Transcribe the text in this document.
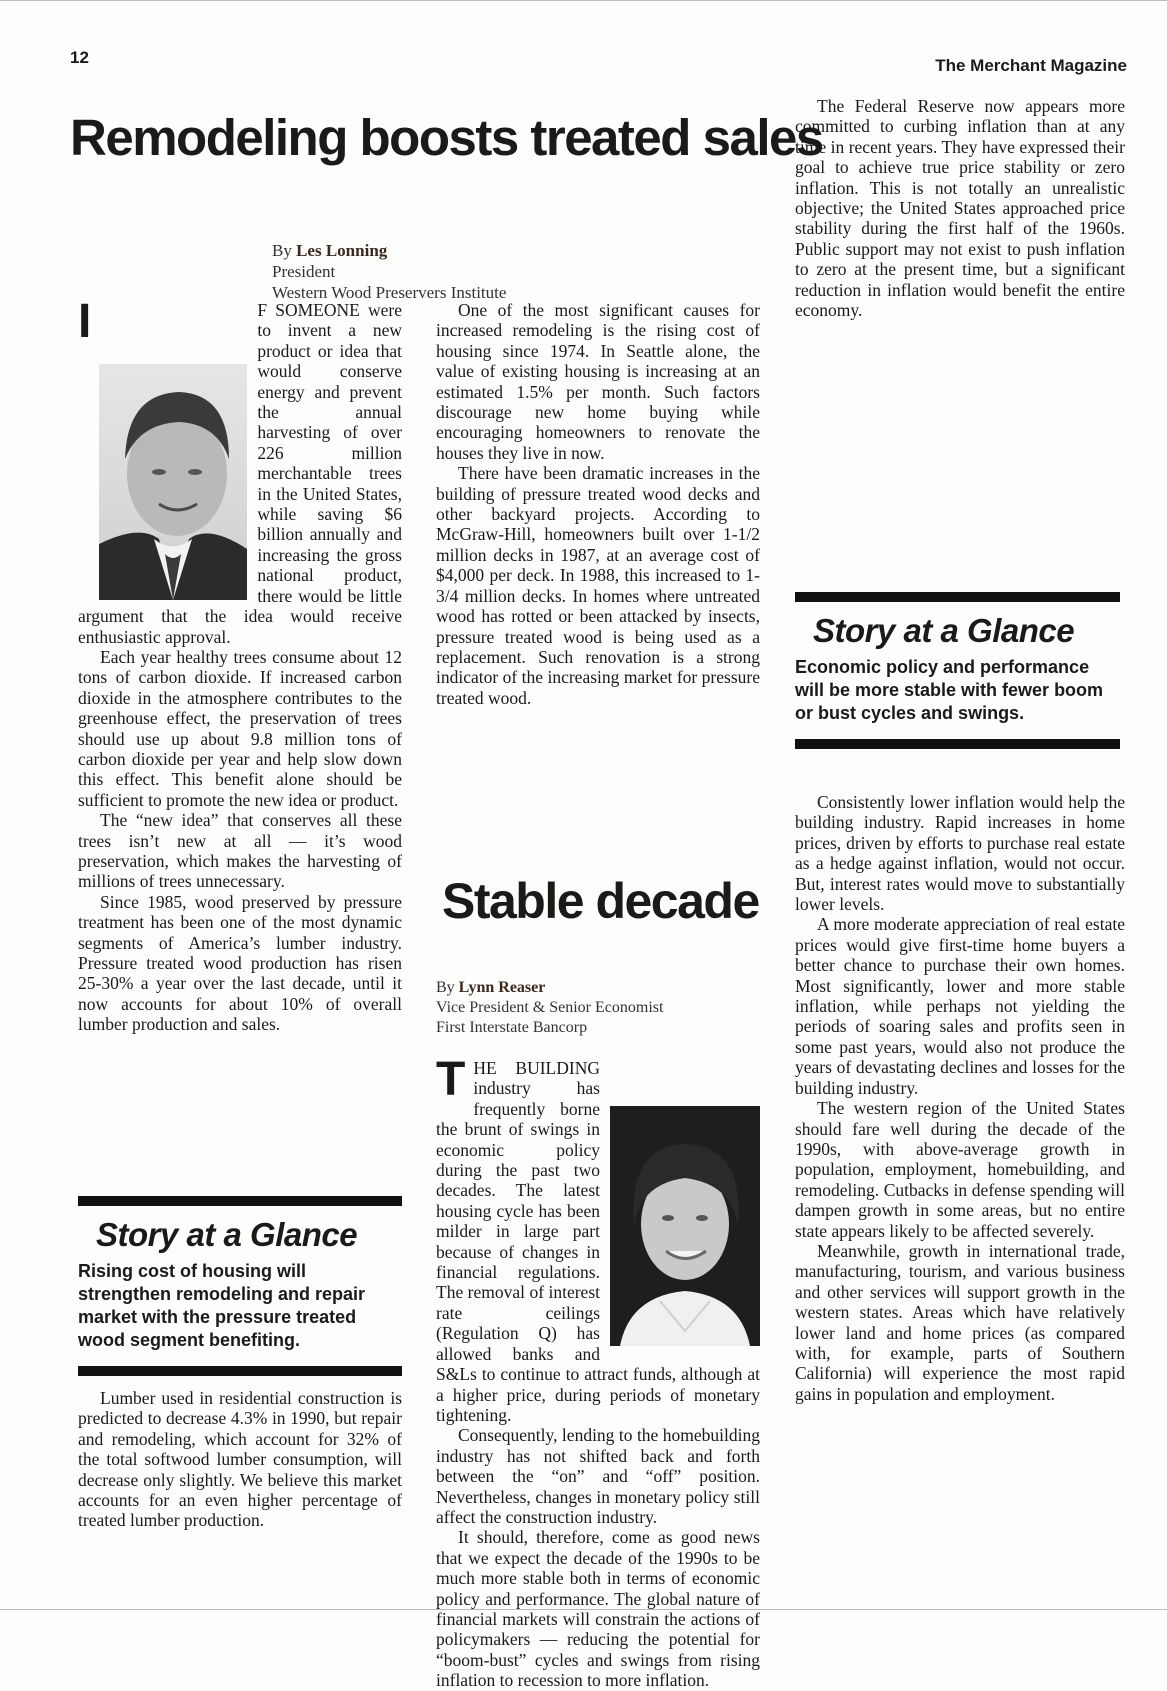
12	The Merchant Magazine
Remodeling boosts treated sales
By Les Lonning
President
Western Wood Preservers Institute

I	F SOMEONE were to invent a new product or idea that would conserve energy and prevent the annual harvesting of over 226 million merchantable trees in the United States, while saving $6 billion annually and increasing the gross national product, there would be little argument that the idea would receive enthusiastic approval.

Each year healthy trees consume about 12 tons of carbon dioxide. If increased carbon dioxide in the atmosphere contributes to the greenhouse effect, the preservation of trees should use up about 9.8 million tons of carbon dioxide per year and help slow down this effect. This benefit alone should be sufficient to promote the new idea or product.

The “new idea” that conserves all these trees isn’t new at all — it’s wood preservation, which makes the harvesting of millions of trees unnecessary.

Since 1985, wood preserved by pressure treatment has been one of the most dynamic segments of America’s lumber industry. Pressure treated wood production has risen 25-30% a year over the last decade, until it now accounts for about 10% of overall lumber production and sales.

Story at a Glance
Rising cost of housing will strengthen remodeling and repair market with the pressure treated wood segment benefiting.

Lumber used in residential construction is predicted to decrease 4.3% in 1990, but repair and remodeling, which account for 32% of the total softwood lumber consumption, will decrease only slightly. We believe this market accounts for an even higher percentage of treated lumber production.

One of the most significant causes for increased remodeling is the rising cost of housing since 1974. In Seattle alone, the value of existing housing is increasing at an estimated 1.5% per month. Such factors discourage new home buying while encouraging homeowners to renovate the houses they live in now.

There have been dramatic increases in the building of pressure treated wood decks and other backyard projects. According to McGraw-Hill, homeowners built over 1-1/2 million decks in 1987, at an average cost of $4,000 per deck. In 1988, this increased to 1-3/4 million decks. In homes where untreated wood has rotted or been attacked by insects, pressure treated wood is being used as a replacement. Such renovation is a strong indicator of the increasing market for pressure treated wood.

Stable decade
By Lynn Reaser
Vice President & Senior Economist
First Interstate Bancorp

T HE BUILDING industry has frequently borne the brunt of swings in economic policy during the past two decades. The latest housing cycle has been milder in large part because of changes in financial regulations. The removal of interest rate ceilings (Regulation Q) has allowed banks and S&Ls to continue to attract funds, although at a higher price, during periods of monetary tightening.

Consequently, lending to the homebuilding industry has not shifted back and forth between the “on” and “off” position. Nevertheless, changes in monetary policy still affect the construction industry.

It should, therefore, come as good news that we expect the decade of the 1990s to be much more stable both in terms of economic policy and performance. The global nature of financial markets will constrain the actions of policymakers — reducing the potential for “boom-bust” cycles and swings from rising inflation to recession to more inflation.

The Federal Reserve now appears more committed to curbing inflation than at any time in recent years. They have expressed their goal to achieve true price stability or zero inflation. This is not totally an unrealistic objective; the United States approached price stability during the first half of the 1960s. Public support may not exist to push inflation to zero at the present time, but a significant reduction in inflation would benefit the entire economy.

Story at a Glance
Economic policy and performance will be more stable with fewer boom or bust cycles and swings.

Consistently lower inflation would help the building industry. Rapid increases in home prices, driven by efforts to purchase real estate as a hedge against inflation, would not occur. But, interest rates would move to substantially lower levels.

A more moderate appreciation of real estate prices would give first-time home buyers a better chance to purchase their own homes. Most significantly, lower and more stable inflation, while perhaps not yielding the periods of soaring sales and profits seen in some past years, would also not produce the years of devastating declines and losses for the building industry.

The western region of the United States should fare well during the decade of the 1990s, with above-average growth in population, employment, homebuilding, and remodeling. Cutbacks in defense spending will dampen growth in some areas, but no entire state appears likely to be affected severely.

Meanwhile, growth in international trade, manufacturing, tourism, and various business and other services will support growth in the western states. Areas which have relatively lower land and home prices (as compared with, for example, parts of Southern California) will experience the most rapid gains in population and employment.
